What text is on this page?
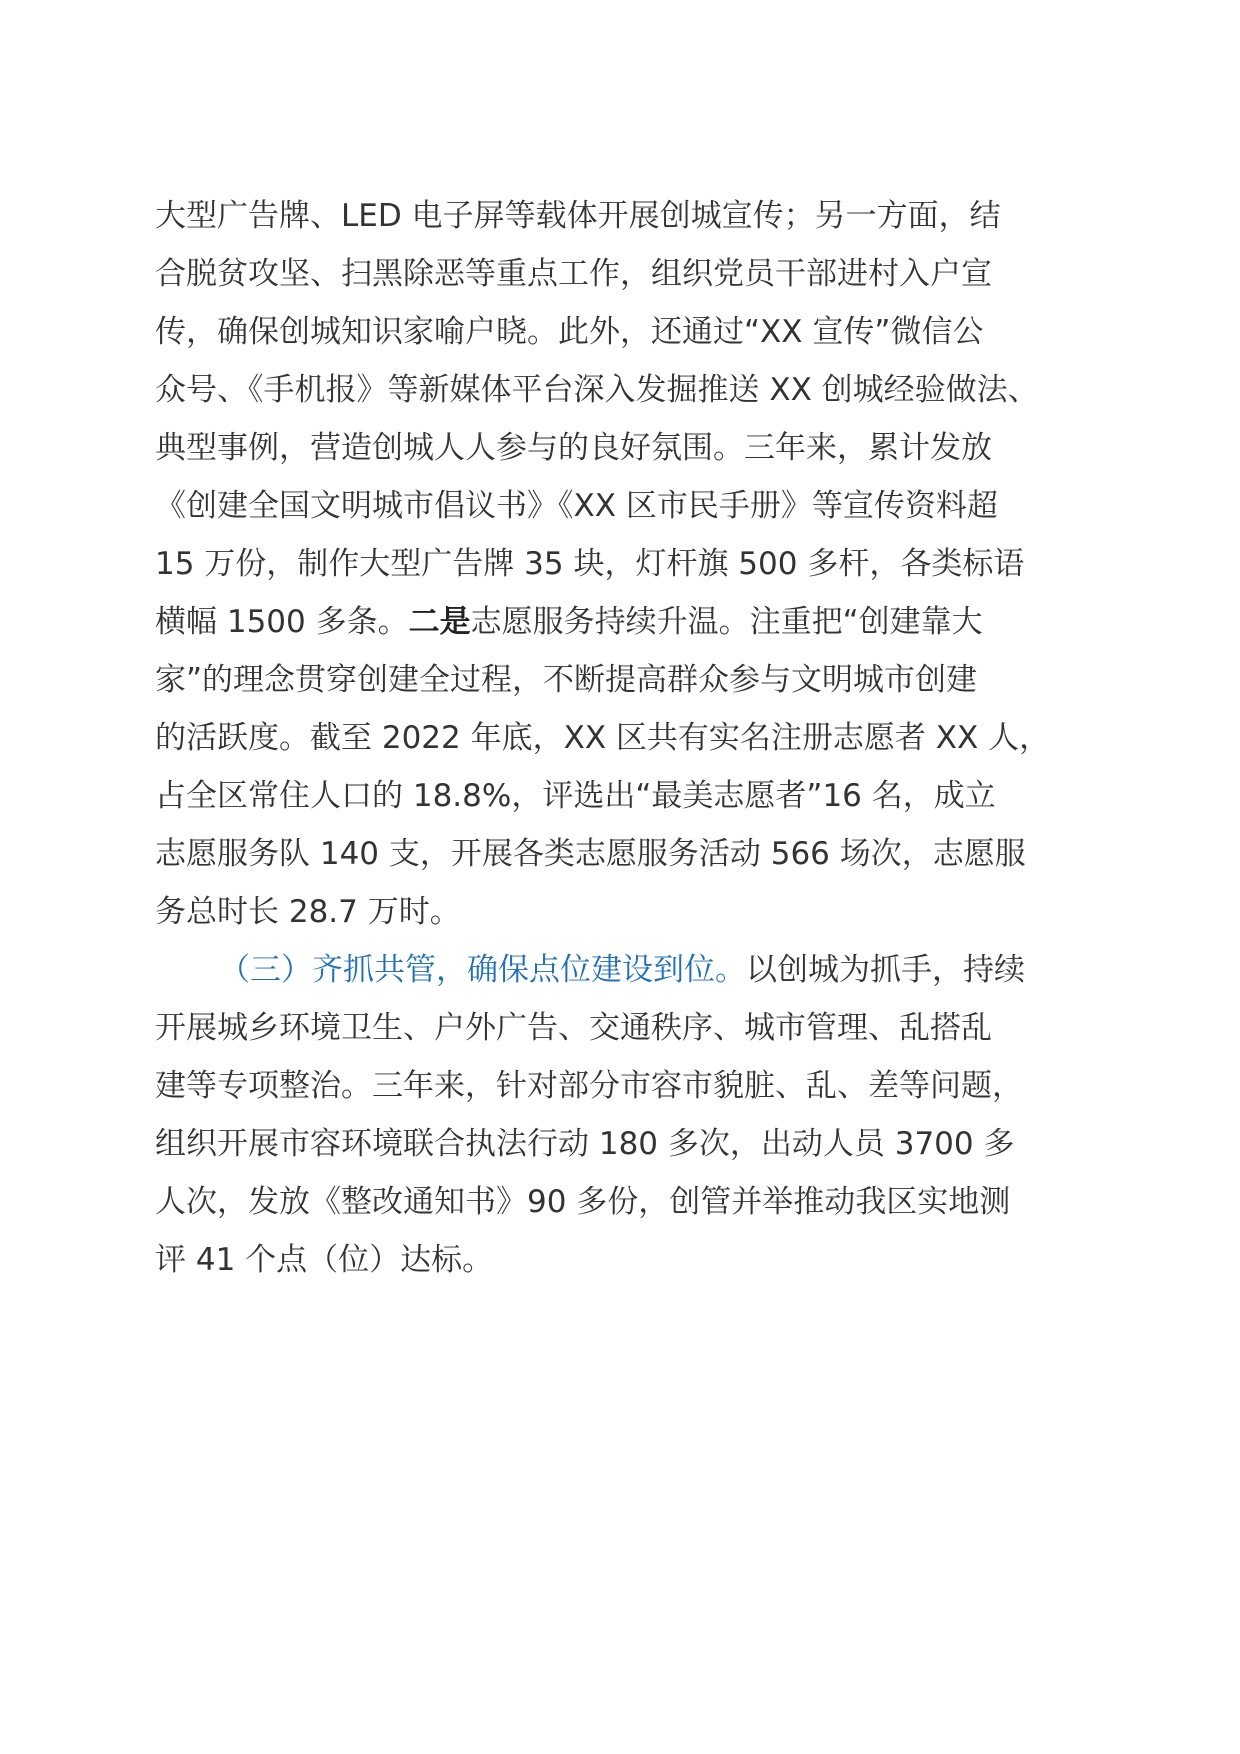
大型广告牌、LED 电子屏等载体开展创城宣传；另一方面，结
合脱贫攻坚、扫黑除恶等重点工作，组织党员干部进村入户宣
传，确保创城知识家喻户晓。此外，还通过“XX 宣传”微信公
众号、《手机报》等新媒体平台深入发掘推送 XX 创城经验做法、
典型事例，营造创城人人参与的良好氛围。三年来，累计发放
《创建全国文明城市倡议书》《XX 区市民手册》等宣传资料超
15 万份，制作大型广告牌 35 块，灯杆旗 500 多杆，各类标语
横幅 1500 多条。二是志愿服务持续升温。注重把“创建靠大
家”的理念贯穿创建全过程，不断提高群众参与文明城市创建
的活跃度。截至 2022 年底，XX 区共有实名注册志愿者 XX 人，
占全区常住人口的 18.8%，评选出“最美志愿者”16 名，成立
志愿服务队 140 支，开展各类志愿服务活动 566 场次，志愿服
务总时长 28.7 万时。
（三）齐抓共管，确保点位建设到位。以创城为抓手，持续
开展城乡环境卫生、户外广告、交通秩序、城市管理、乱搭乱
建等专项整治。三年来，针对部分市容市貌脏、乱、差等问题，
组织开展市容环境联合执法行动 180 多次，出动人员 3700 多
人次，发放《整改通知书》90 多份，创管并举推动我区实地测
评 41 个点（位）达标。
